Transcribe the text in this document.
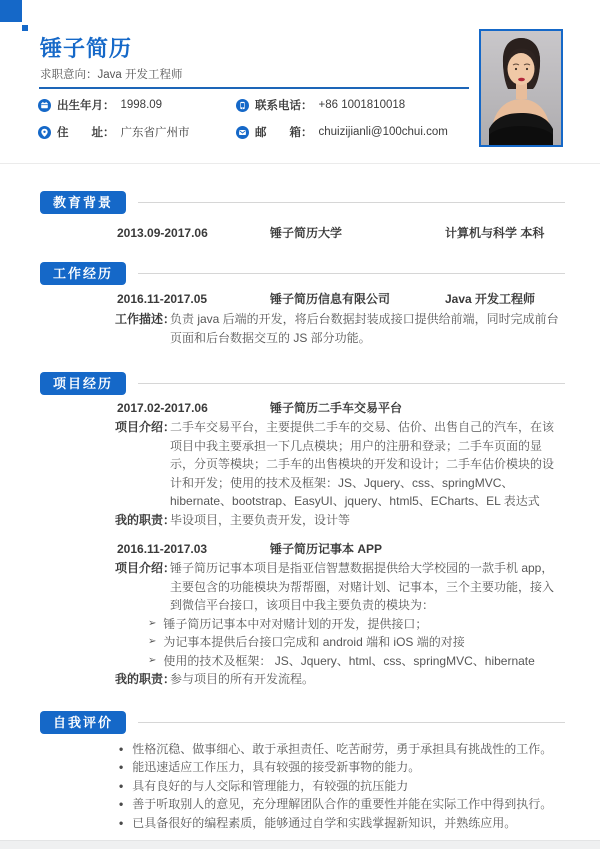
锤子简历
求职意向：Java 开发工程师
出生年月： 1998.09	联系电话： +86 1001810018
住　　址： 广东省广州市	邮　　箱： chuizijianli@100chui.com
教育背景
2013.09-2017.06	锤子简历大学	计算机与科学 本科
工作经历
2016.11-2017.05	锤子简历信息有限公司	Java 开发工程师
工作描述：
负责 java 后端的开发，将后台数据封装成接口提供给前端，同时完成前台页面和后台数据交互的 JS 部分功能。
项目经历
2017.02-2017.06	锤子简历二手车交易平台
项目介绍：
二手车交易平台，主要提供二手车的交易、估价、出售自己的汽车，在该项目中我主要承担一下几点模块；用户的注册和登录；二手车页面的显示，分页等模块；二手车的出售模块的开发和设计；二手车估价模块的设计和开发；使用的技术及框架：JS、Jquery、css、springMVC、hibernate、bootstrap、EasyUI、jquery、html5、ECharts、EL 表达式
我的职责：
毕设项目，主要负责开发，设计等
2016.11-2017.03	锤子简历记事本 APP
项目介绍：
锤子简历记事本项目是指亚信智慧数据提供给大学校园的一款手机 app，主要包含的功能模块为帮帮圈，对赌计划、记事本，三个主要功能，接入到微信平台接口，该项目中我主要负责的模块为：
➢ 锤子简历记事本中对对赌计划的开发，提供接口；
➢ 为记事本提供后台接口完成和 android 端和 iOS 端的对接
➢ 使用的技术及框架： JS、Jquery、html、css、springMVC、hibernate
我的职责：
参与项目的所有开发流程。
自我评价
• 性格沉稳、做事细心、敢于承担责任、吃苦耐劳，勇于承担具有挑战性的工作。
• 能迅速适应工作压力，具有较强的接受新事物的能力。
• 具有良好的与人交际和管理能力，有较强的抗压能力
• 善于听取别人的意见，充分理解团队合作的重要性并能在实际工作中得到执行。
• 已具备很好的编程素质，能够通过自学和实践掌握新知识，并熟练应用。
